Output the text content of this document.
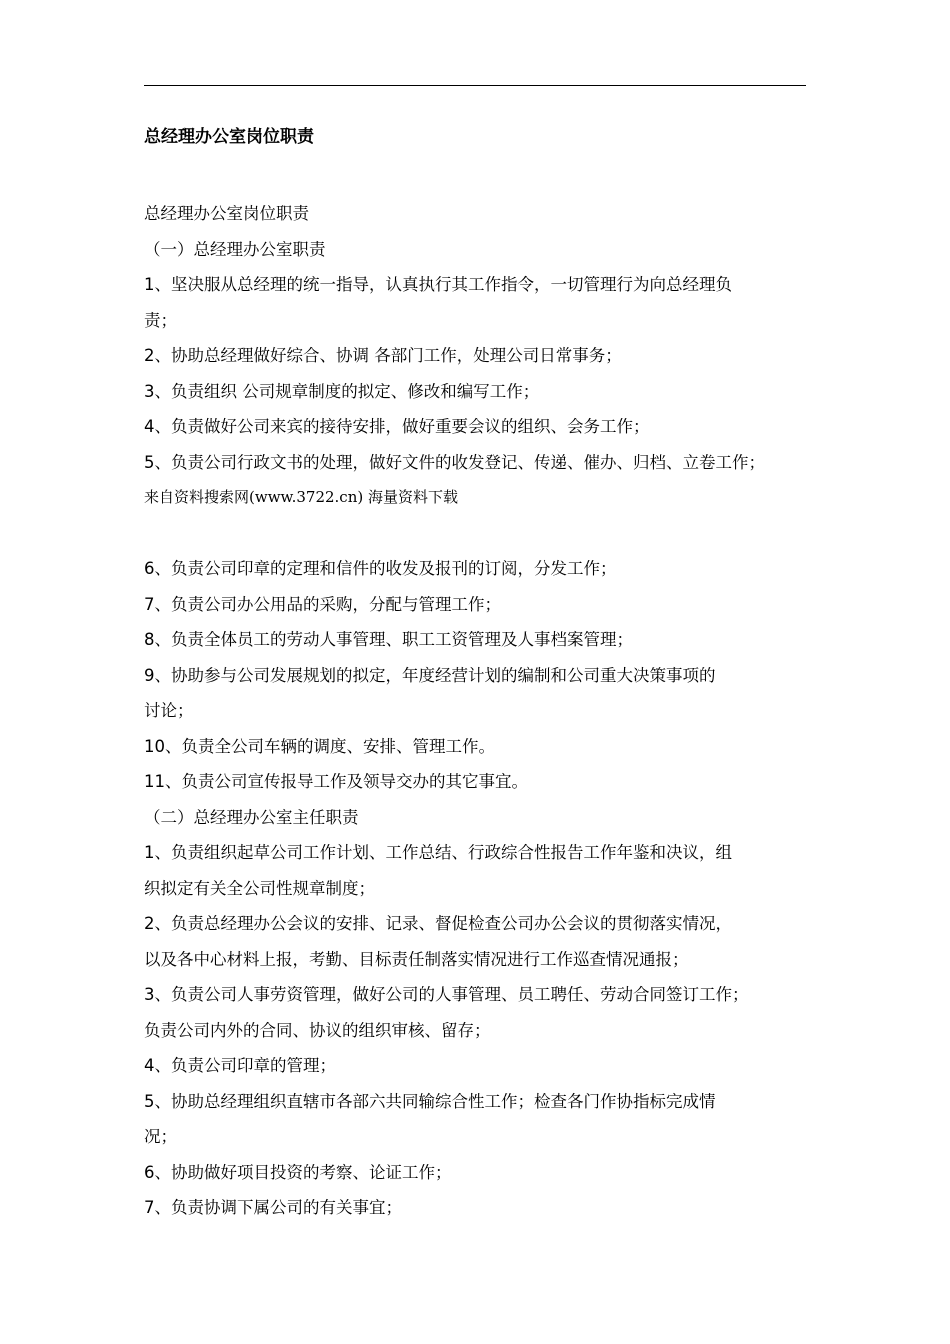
总经理办公室岗位职责
总经理办公室岗位职责
（一）总经理办公室职责
1、坚决服从总经理的统一指导，认真执行其工作指令，一切管理行为向总经理负
责；
2、协助总经理做好综合、协调 各部门工作，处理公司日常事务；
3、负责组织 公司规章制度的拟定、修改和编写工作；
4、负责做好公司来宾的接待安排，做好重要会议的组织、会务工作；
5、负责公司行政文书的处理，做好文件的收发登记、传递、催办、归档、立卷工作；
来自资料搜索网(www.3722.cn) 海量资料下载
6、负责公司印章的定理和信件的收发及报刊的订阅，分发工作；
7、负责公司办公用品的采购，分配与管理工作；
8、负责全体员工的劳动人事管理、职工工资管理及人事档案管理；
9、协助参与公司发展规划的拟定，年度经营计划的编制和公司重大决策事项的
讨论；
10、负责全公司车辆的调度、安排、管理工作。
11、负责公司宣传报导工作及领导交办的其它事宜。
（二）总经理办公室主任职责
1、负责组织起草公司工作计划、工作总结、行政综合性报告工作年鉴和决议，组
织拟定有关全公司性规章制度；
2、负责总经理办公会议的安排、记录、督促检查公司办公会议的贯彻落实情况，
以及各中心材料上报，考勤、目标责任制落实情况进行工作巡查情况通报；
3、负责公司人事劳资管理，做好公司的人事管理、员工聘任、劳动合同签订工作；
负责公司内外的合同、协议的组织审核、留存；
4、负责公司印章的管理；
5、协助总经理组织直辖市各部六共同输综合性工作；检查各门作协指标完成情
况；
6、协助做好项目投资的考察、论证工作；
7、负责协调下属公司的有关事宜；
